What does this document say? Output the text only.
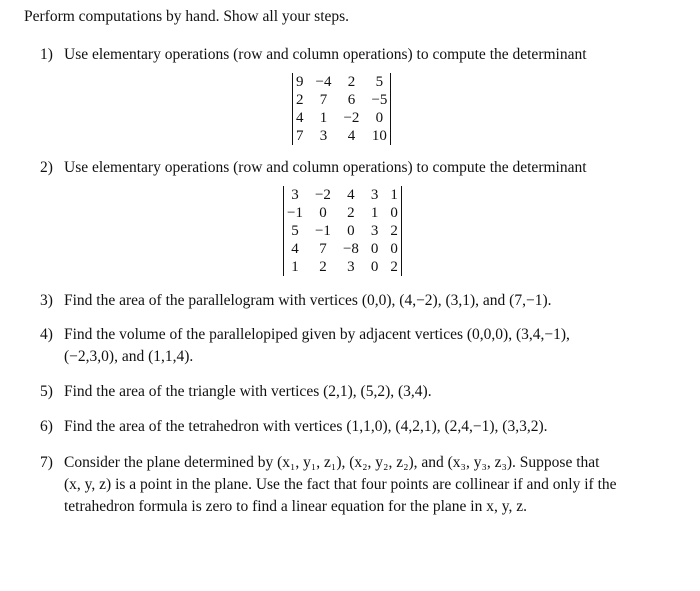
Perform computations by hand. Show all your steps.
1) Use elementary operations (row and column operations) to compute the determinant
9	−4	2	5
2	7	6	−5
4	1	−2	0
7	3	4	10
2) Use elementary operations (row and column operations) to compute the determinant
3	−2	4	3	1
−1	0	2	1	0
5	−1	0	3	2
4	7	−8	0	0
1	2	3	0	2
3) Find the area of the parallelogram with vertices (0,0), (4,−2), (3,1), and (7,−1).
4) Find the volume of the parallelopiped given by adjacent vertices (0,0,0), (3,4,−1),
(−2,3,0), and (1,1,4).
5) Find the area of the triangle with vertices (2,1), (5,2), (3,4).
6) Find the area of the tetrahedron with vertices (1,1,0), (4,2,1), (2,4,−1), (3,3,2).
7) Consider the plane determined by (x₁, y₁, z₁), (x₂, y₂, z₂), and (x₃, y₃, z₃). Suppose that
(x, y, z) is a point in the plane. Use the fact that four points are collinear if and only if the
tetrahedron formula is zero to find a linear equation for the plane in x, y, z.
